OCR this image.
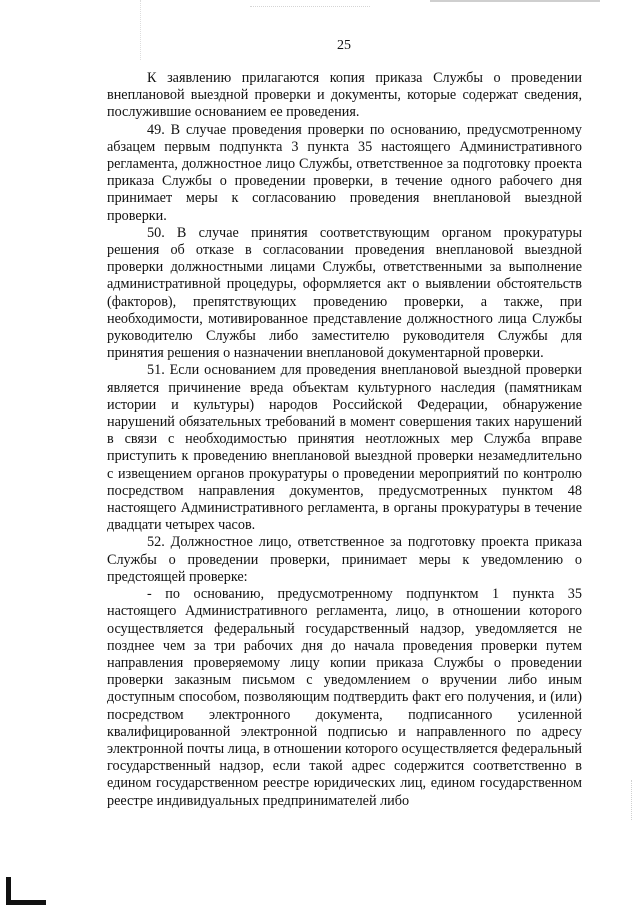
25

К заявлению прилагаются копия приказа Службы о проведении внеплановой выездной проверки и документы, которые содержат сведения, послужившие основанием ее проведения.

49. В случае проведения проверки по основанию, предусмотренному абзацем первым подпункта 3 пункта 35 настоящего Административного регламента, должностное лицо Службы, ответственное за подготовку проекта приказа Службы о проведении проверки, в течение одного рабочего дня принимает меры к согласованию проведения внеплановой выездной проверки.

50. В случае принятия соответствующим органом прокуратуры решения об отказе в согласовании проведения внеплановой выездной проверки должностными лицами Службы, ответственными за выполнение административной процедуры, оформляется акт о выявлении обстоятельств (факторов), препятствующих проведению проверки, а также, при необходимости, мотивированное представление должностного лица Службы руководителю Службы либо заместителю руководителя Службы для принятия решения о назначении внеплановой документарной проверки.

51. Если основанием для проведения внеплановой выездной проверки является причинение вреда объектам культурного наследия (памятникам истории и культуры) народов Российской Федерации, обнаружение нарушений обязательных требований в момент совершения таких нарушений в связи с необходимостью принятия неотложных мер Служба вправе приступить к проведению внеплановой выездной проверки незамедлительно с извещением органов прокуратуры о проведении мероприятий по контролю посредством направления документов, предусмотренных пунктом 48 настоящего Административного регламента, в органы прокуратуры в течение двадцати четырех часов.

52. Должностное лицо, ответственное за подготовку проекта приказа Службы о проведении проверки, принимает меры к уведомлению о предстоящей проверке:

- по основанию, предусмотренному подпунктом 1 пункта 35 настоящего Административного регламента, лицо, в отношении которого осуществляется федеральный государственный надзор, уведомляется не позднее чем за три рабочих дня до начала проведения проверки путем направления проверяемому лицу копии приказа Службы о проведении проверки заказным письмом с уведомлением о вручении либо иным доступным способом, позволяющим подтвердить факт его получения, и (или) посредством электронного документа, подписанного усиленной квалифицированной электронной подписью и направленного по адресу электронной почты лица, в отношении которого осуществляется федеральный государственный надзор, если такой адрес содержится соответственно в едином государственном реестре юридических лиц, едином государственном реестре индивидуальных предпринимателей либо
